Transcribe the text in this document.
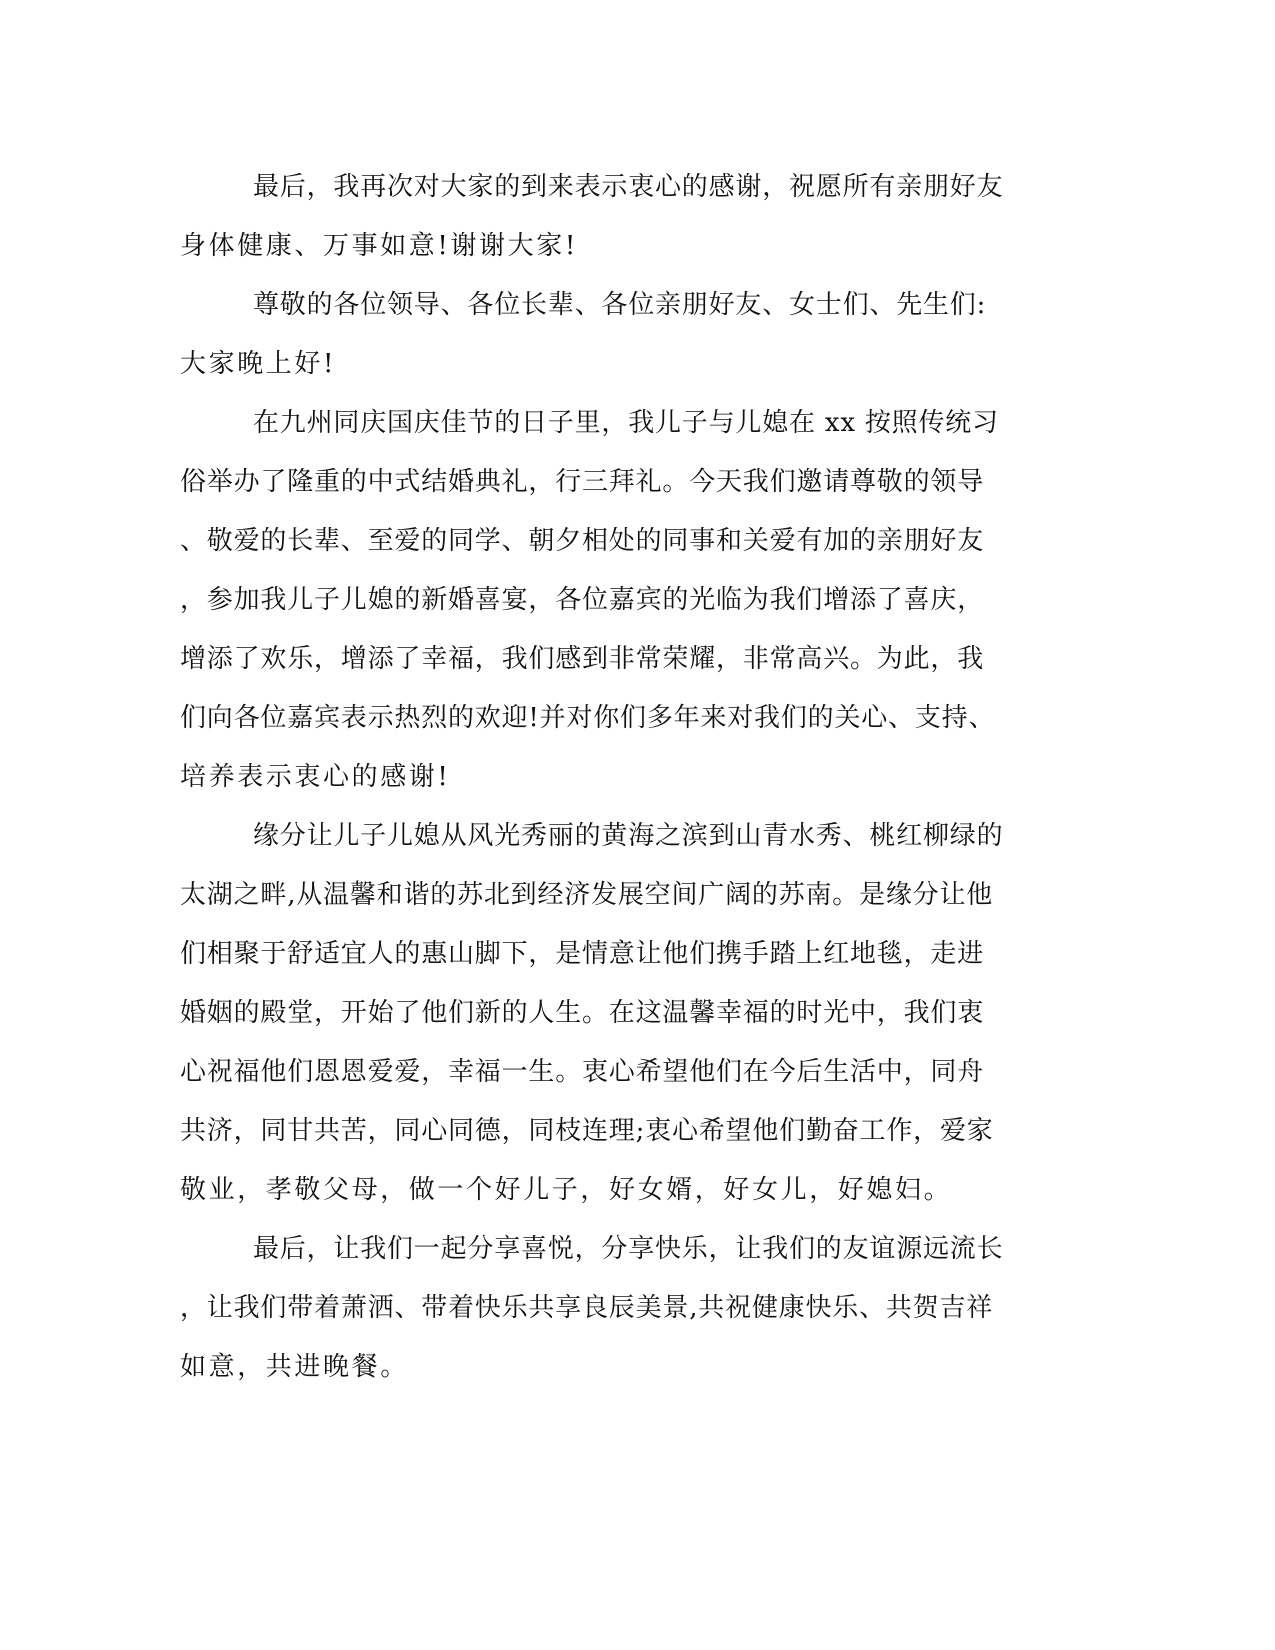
最后，我再次对大家的到来表示衷心的感谢，祝愿所有亲朋好友
身体健康、万事如意!谢谢大家!
尊敬的各位领导、各位长辈、各位亲朋好友、女士们、先生们:
大家晚上好!
在九州同庆国庆佳节的日子里，我儿子与儿媳在 xx 按照传统习
俗举办了隆重的中式结婚典礼，行三拜礼。今天我们邀请尊敬的领导
、敬爱的长辈、至爱的同学、朝夕相处的同事和关爱有加的亲朋好友
，参加我儿子儿媳的新婚喜宴，各位嘉宾的光临为我们增添了喜庆，
增添了欢乐，增添了幸福，我们感到非常荣耀，非常高兴。为此，我
们向各位嘉宾表示热烈的欢迎!并对你们多年来对我们的关心、支持、
培养表示衷心的感谢!
缘分让儿子儿媳从风光秀丽的黄海之滨到山青水秀、桃红柳绿的
太湖之畔,从温馨和谐的苏北到经济发展空间广阔的苏南。是缘分让他
们相聚于舒适宜人的惠山脚下，是情意让他们携手踏上红地毯，走进
婚姻的殿堂，开始了他们新的人生。在这温馨幸福的时光中，我们衷
心祝福他们恩恩爱爱，幸福一生。衷心希望他们在今后生活中，同舟
共济，同甘共苦，同心同德，同枝连理;衷心希望他们勤奋工作，爱家
敬业，孝敬父母，做一个好儿子，好女婿，好女儿，好媳妇。
最后，让我们一起分享喜悦，分享快乐，让我们的友谊源远流长
，让我们带着萧洒、带着快乐共享良辰美景,共祝健康快乐、共贺吉祥
如意，共进晚餐。
